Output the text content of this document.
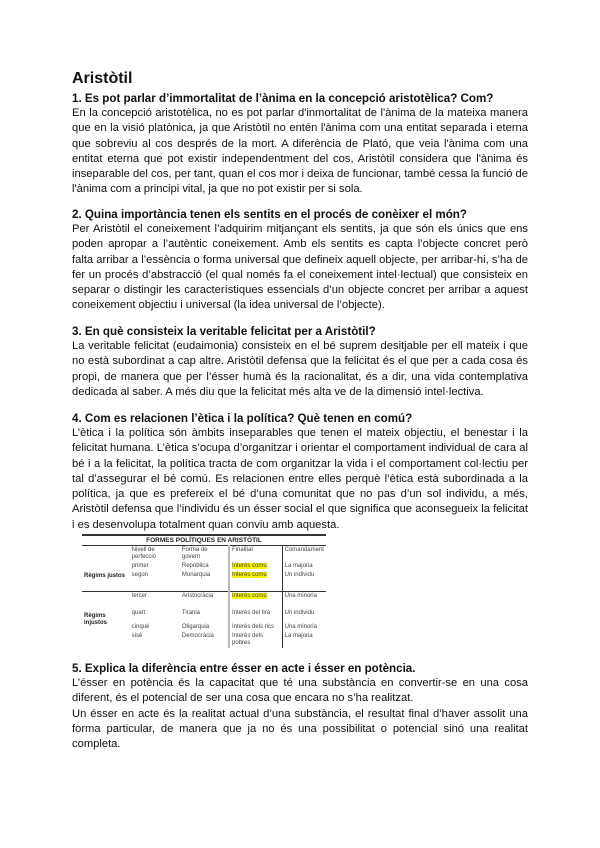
Aristòtil
1. Es pot parlar d’immortalitat de l’ànima en la concepció aristotèlica? Com?
En la concepció aristotèlica, no es pot parlar d'inmortalitat de l'ànima de la mateixa manera que en la visió platònica, ja que Aristòtil no entén l'ànima com una entitat separada i eterna que sobreviu al cos després de la mort. A diferència de Plató, que veia l'ànima com una entitat eterna que pot existir independentment del cos, Aristòtil considera que l'ànima és inseparable del cos, per tant, quan el cos mor i deixa de funcionar, també cessa la funció de l'ànima com a principi vital, ja que no pot existir per si sola.
2. Quina importància tenen els sentits en el procés de conèixer el món?
Per Aristòtil el coneixement l’adquirim mitjançant els sentits, ja que són els únics que ens poden apropar a l’autèntic coneixement. Amb els sentits es capta l’objecte concret però falta arribar a l’essència o forma universal que defineix aquell objecte, per arribar-hi, s’ha de fer un procés d’abstracció (el qual només fa el coneixement intel·lectual) que consisteix en separar o distingir les característiques essencials d’un objecte concret per arribar a aquest coneixement objectiu i universal (la idea universal de l’objecte).
3. En què consisteix la veritable felicitat per a Aristòtil?
La veritable felicitat (eudaimonia) consisteix en el bé suprem desitjable per ell mateix i que no està subordinat a cap altre. Aristòtil defensa que la felicitat és el que per a cada cosa és propi, de manera que per l’ésser humà és la racionalitat, és a dir, una vida contemplativa dedicada al saber. A més diu que la felicitat més alta ve de la dimensió intel·lectiva.
4. Com es relacionen l’ètica i la política? Què tenen en comú?
L’ètica i la política són àmbits inseparables que tenen el mateix objectiu, el benestar i la felicitat humana. L’ètica s’ocupa d’organitzar i orientar el comportament individual de cara al bé i a la felicitat, la política tracta de com organitzar la vida i el comportament col·lectiu per tal d’assegurar el bé comú. Es relacionen entre elles perquè l’ètica està subordinada a la política, ja que es prefereix el bé d’una comunitat que no pas d’un sol individu, a més, Aristòtil defensa que l’individu és un ésser social el que significa que aconsegueix la felicitat i es desenvolupa totalment quan conviu amb aquesta.
FORMES POLÍTIQUES EN ARISTÒTIL				
	Nivell de perfecció	Forma de govern	Finalitat	Comandament
Règims justos	primer	República	Interès comú	La majoria
	segon	Monarquia	Interès comú	Un individu
Règims injustos	tercer	Aristocràcia	Interès comú	Una minoria
	quart	Tirania	Interès del tirà	Un individu
	cinquè	Oligarquia	Interès dels rics	Una minoria
	sisè	Democràcia	Interès dels pobres	La majoria
5. Explica la diferència entre ésser en acte i ésser en potència.
L’ésser en potència és la capacitat que té una substància en convertir-se en una cosa diferent, és el potencial de ser una cosa que encara no s’ha realitzat.
Un ésser en acte és la realitat actual d’una substància, el resultat final d’haver assolit una forma particular, de manera que ja no és una possibilitat o potencial sinó una realitat completa.
